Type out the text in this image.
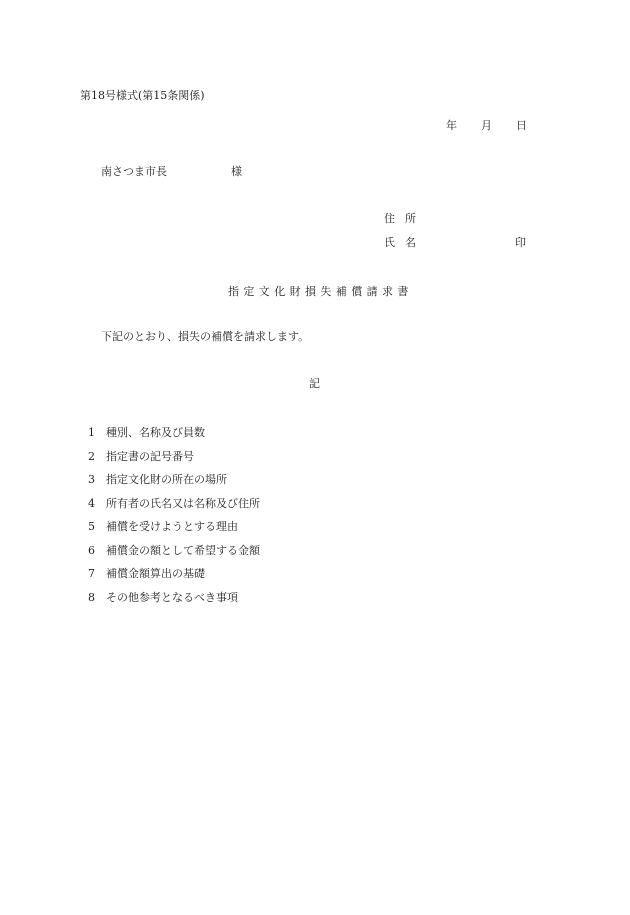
第18号様式(第15条関係)
年 月 日
南さつま市長	様
住所
氏名	印
指定文化財損失補償請求書
下記のとおり、損失の補償を請求します。
記
1 種別、名称及び員数
2 指定書の記号番号
3 指定文化財の所在の場所
4 所有者の氏名又は名称及び住所
5 補償を受けようとする理由
6 補償金の額として希望する金額
7 補償金額算出の基礎
8 その他参考となるべき事項
